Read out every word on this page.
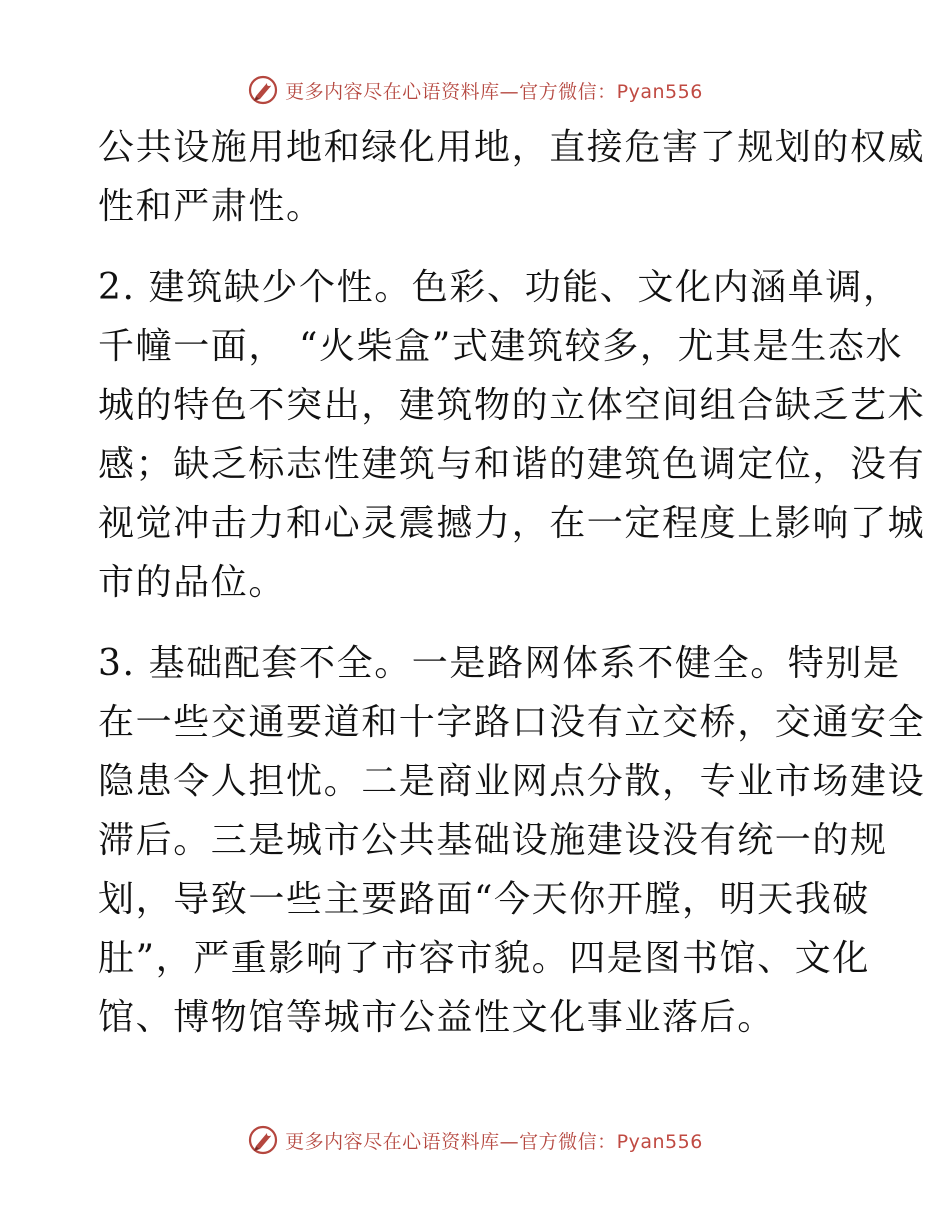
更多内容尽在心语资料库—官方微信：Pyan556

公共设施用地和绿化用地，直接危害了规划的权威
性和严肃性。

2. 建筑缺少个性。色彩、功能、文化内涵单调，
千幢一面， “火柴盒”式建筑较多，尤其是生态水
城的特色不突出，建筑物的立体空间组合缺乏艺术
感；缺乏标志性建筑与和谐的建筑色调定位，没有
视觉冲击力和心灵震撼力，在一定程度上影响了城
市的品位。

3. 基础配套不全。一是路网体系不健全。特别是
在一些交通要道和十字路口没有立交桥，交通安全
隐患令人担忧。二是商业网点分散，专业市场建设
滞后。三是城市公共基础设施建设没有统一的规
划，导致一些主要路面“今天你开膛，明天我破
肚”，严重影响了市容市貌。四是图书馆、文化
馆、博物馆等城市公益性文化事业落后。

更多内容尽在心语资料库—官方微信：Pyan556
